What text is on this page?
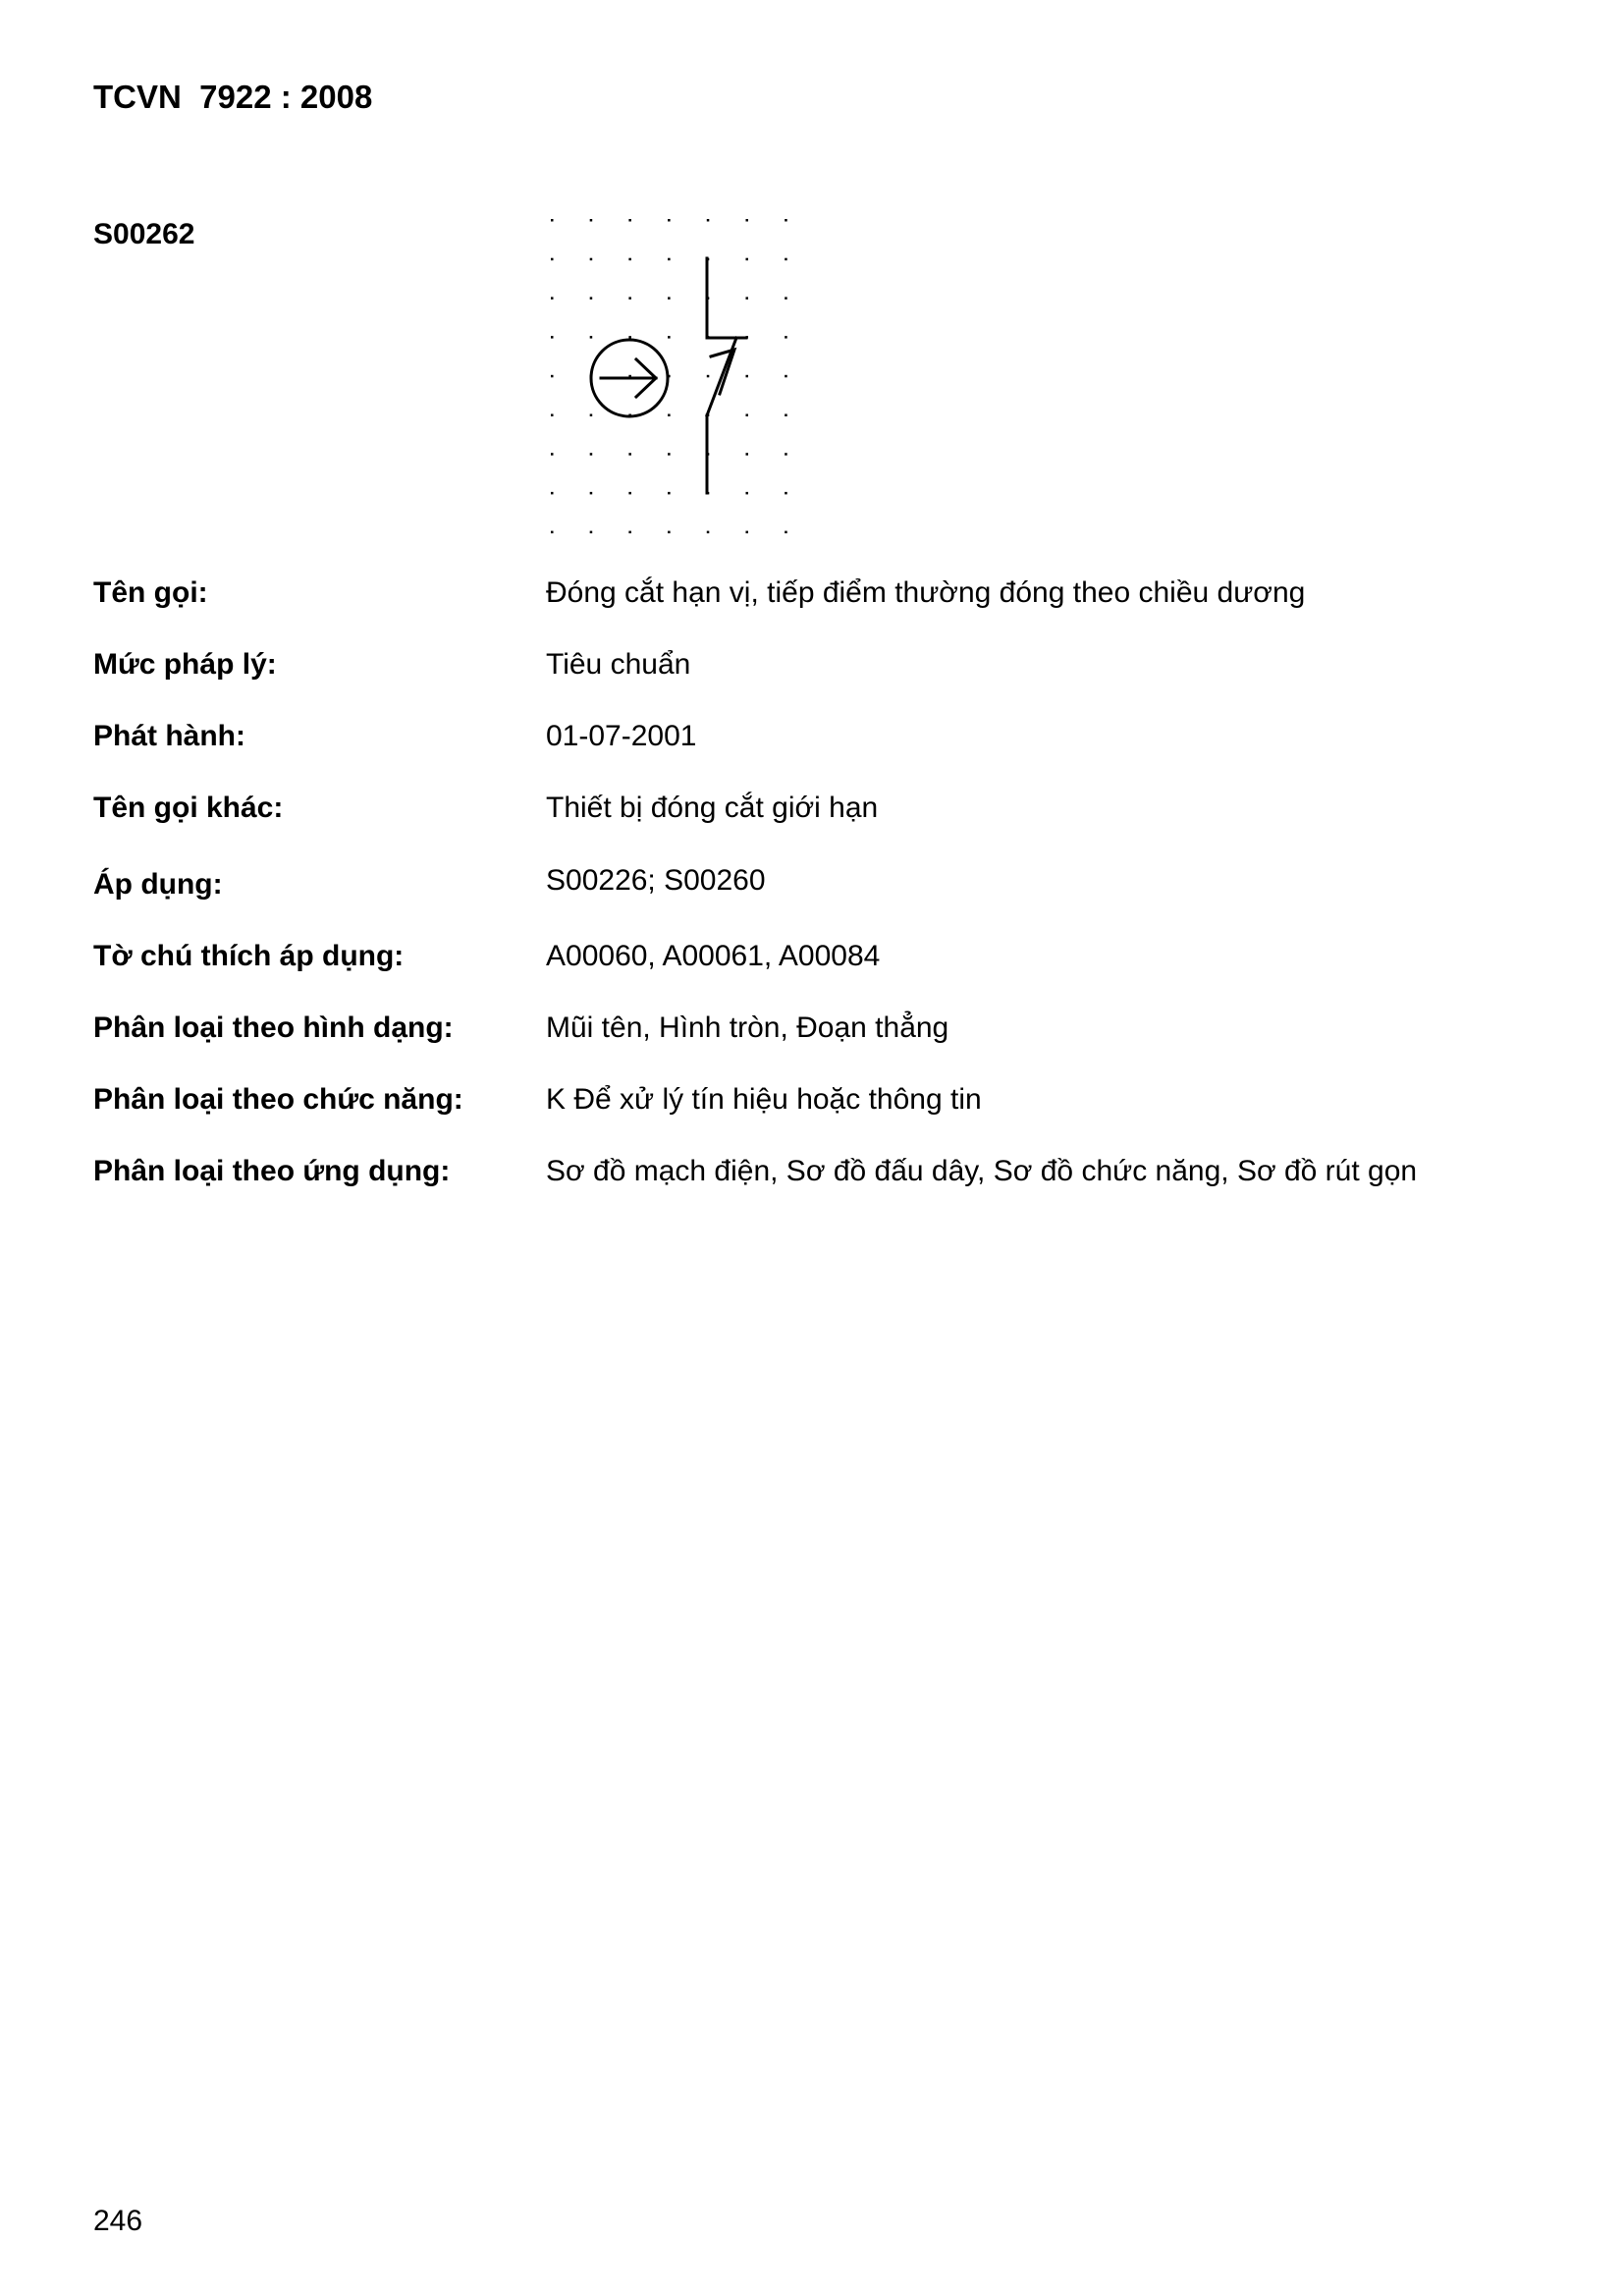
TCVN  7922 : 2008
S00262
Tên gọi:	Đóng cắt hạn vị, tiếp điểm thường đóng theo chiều dương
Mức pháp lý:	Tiêu chuẩn
Phát hành:	01-07-2001
Tên gọi khác:	Thiết bị đóng cắt giới hạn
Áp dụng:	S00226; S00260
Tờ chú thích áp dụng:	A00060, A00061, A00084
Phân loại theo hình dạng:	Mũi tên, Hình tròn, Đoạn thẳng
Phân loại theo chức năng:	K Để xử lý tín hiệu hoặc thông tin
Phân loại theo ứng dụng:	Sơ đồ mạch điện, Sơ đồ đấu dây, Sơ đồ chức năng, Sơ đồ rút gọn
246
